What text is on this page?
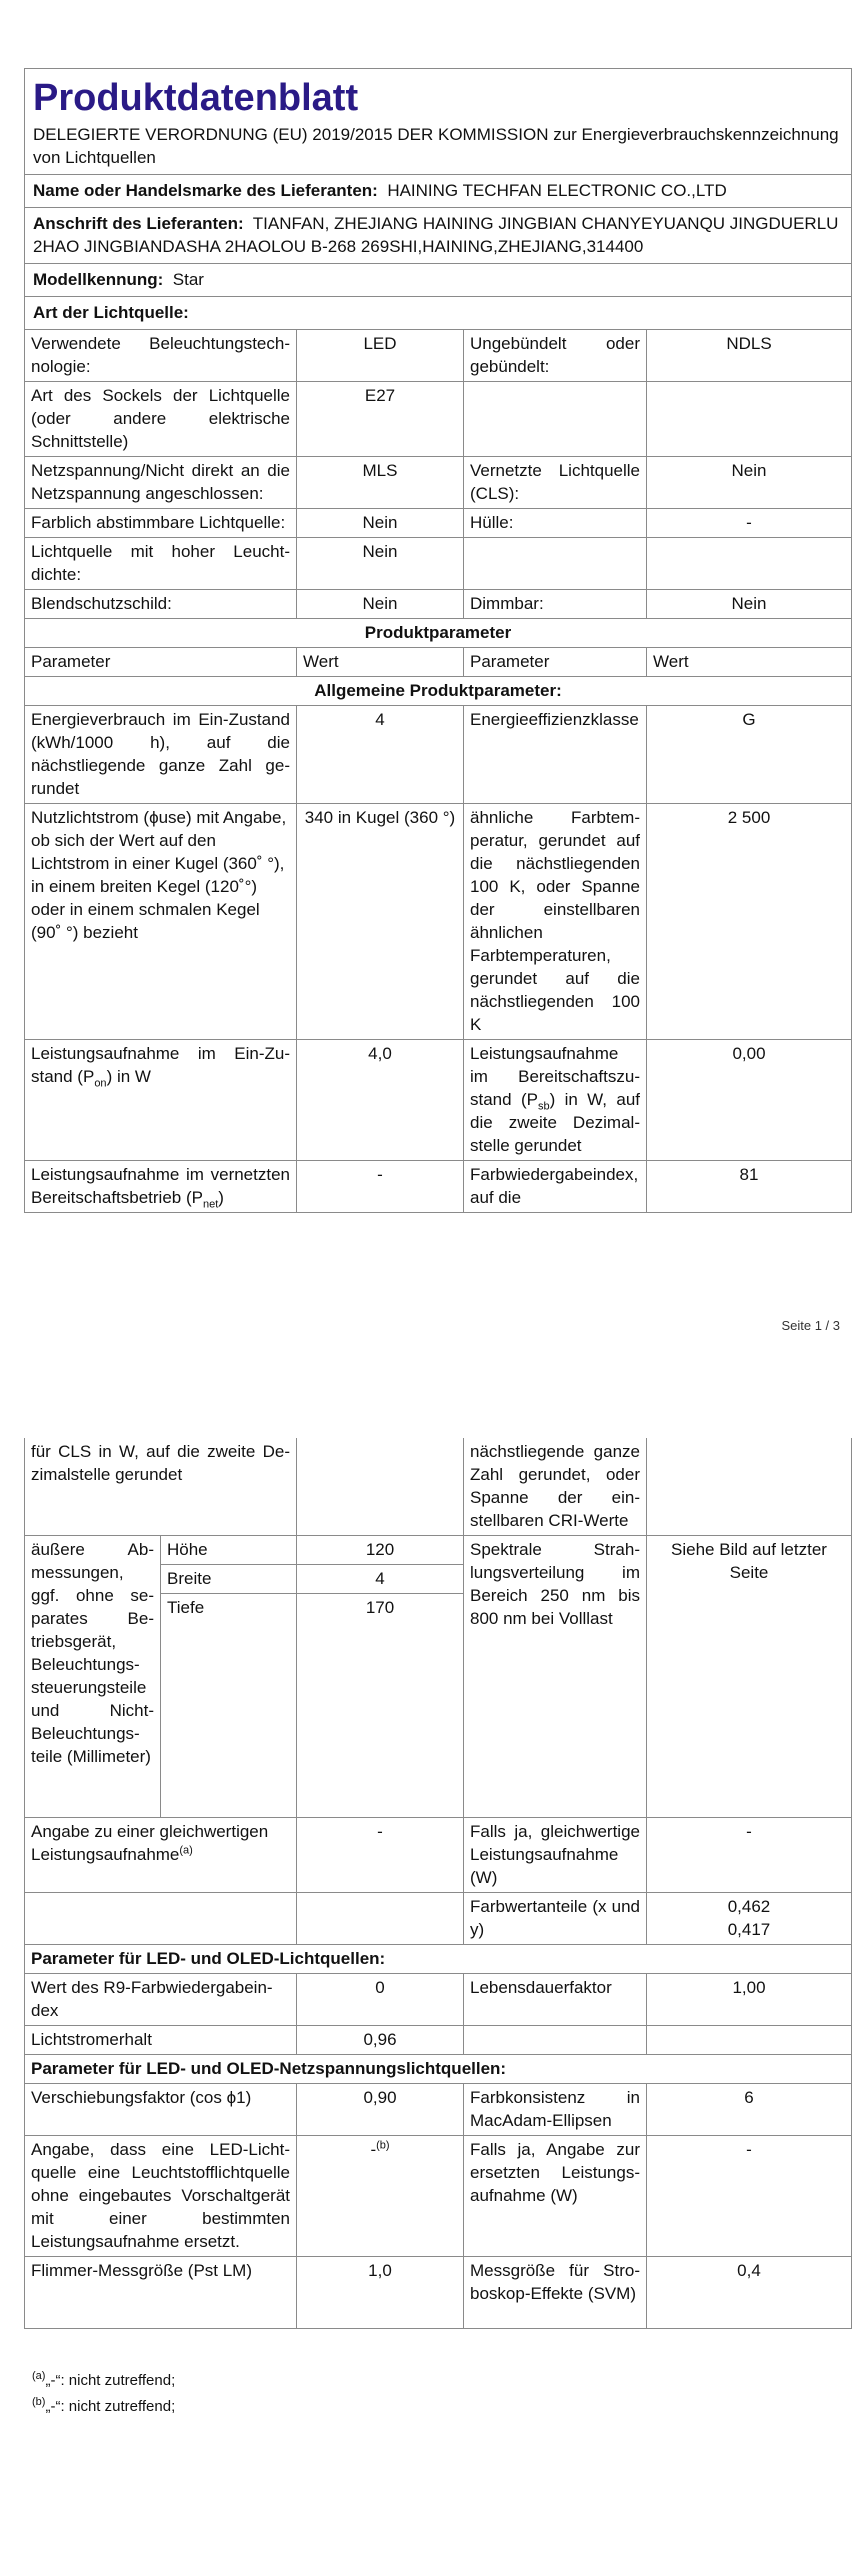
Produktdatenblatt
DELEGIERTE VERORDNUNG (EU) 2019/2015 DER KOMMISSION zur Energieverbrauchskennzeichnung von Lichtquellen			

Name oder Handelsmarke des Lieferanten: HAINING TECHFAN ELECTRONIC CO.,LTD			
Anschrift des Lieferanten: TIANFAN, ZHEJIANG HAINING JINGBIAN CHANYEYUANQU JINGDUERLU 2HAO JINGBIANDASHA 2HAOLOU B-268 269SHI,HAINING,ZHEJIANG,314400			
Modellkennung: Star			
Art der Lichtquelle:			
Verwendete Beleuchtungstechnologie:	LED	Ungebündelt oder gebündelt:	NDLS
Art des Sockels der Lichtquelle (oder andere elektrische Schnittstelle)	E27		
Netzspannung/Nicht direkt an die Netzspannung angeschlossen:	MLS	Vernetzte Lichtquelle (CLS):	Nein
Farblich abstimmbare Lichtquelle:	Nein	Hülle:	-
Lichtquelle mit hoher Leuchtdichte:	Nein		
Blendschutzschild:	Nein	Dimmbar:	Nein
Produktparameter			
Parameter	Wert	Parameter	Wert
Allgemeine Produktparameter:			
Energieverbrauch im Ein-Zustand (kWh/1000 h), auf die nächstliegende ganze Zahl gerundet	4	Energieeffizienzklasse	G
Nutzlichtstrom (ϕuse) mit Angabe, ob sich der Wert auf den Lichtstrom in einer Kugel (360˚ °), in einem breiten Kegel (120˚°) oder in einem schmalen Kegel (90˚ °) bezieht	340 in Kugel (360 °)	ähnliche Farbtemperatur, gerundet auf die nächstliegenden 100 K, oder Spanne der einstellbaren ähnlichen Farbtemperaturen, gerundet auf die nächstliegenden 100 K	2 500
Leistungsaufnahme im Ein-Zustand $(P_{on})$ in W	4,0	Leistungsaufnahme im Bereitschaftszustand $(P_{sb})$ in W, auf die zweite Dezimalstelle gerundet	0,00
Leistungsaufnahme im vernetzten Bereitschaftsbetrieb $(P_{net})$	-	Farbwiedergabeindex, auf die	81
Seite 1 / 3
für CLS in W, auf die zweite Dezimalstelle gerundet			nächstliegende ganze Zahl gerundet, oder Spanne der einstellbaren CRI-Werte	
äußere Abmessungen, ggf. ohne separates Betriebsgerät, Beleuchtungssteuerungsteile und Nicht-Beleuchtungsteile (Millimeter)	Höhe	120	Spektrale Strahlungsverteilung im Bereich 250 nm bis 800 nm bei Volllast	Siehe Bild auf letzter Seite
	Breite	4		
	Tiefe	170		

Angabe zu einer gleichwertigen Leistungsaufnahme$^{(a)}$		-	Falls ja, gleichwertige Leistungsaufnahme (W)	-
			Farbwertanteile (x und y)	0,462
0,417
Parameter für LED- und OLED-Lichtquellen:				
Wert des R9-Farbwiedergabeindex		0	Lebensdauerfaktor	1,00
Lichtstromerhalt		0,96		
Parameter für LED- und OLED-Netzspannungslichtquellen:				
Verschiebungsfaktor (cos ϕ1)		0,90	Farbkonsistenz in MacAdam-Ellipsen	6
Angabe, dass eine LED-Lichtquelle eine Leuchtstofflichtquelle ohne eingebautes Vorschaltgerät mit einer bestimmten Leistungsaufnahme ersetzt.		-$^{(b)}$	Falls ja, Angabe zur ersetzten Leistungsaufnahme (W)	-
Flimmer-Messgröße (Pst LM)		1,0	Messgröße für Stroboskop-Effekte (SVM)	0,4
$^{(a)}$„-“: nicht zutreffend;
$^{(b)}$„-“: nicht zutreffend;
